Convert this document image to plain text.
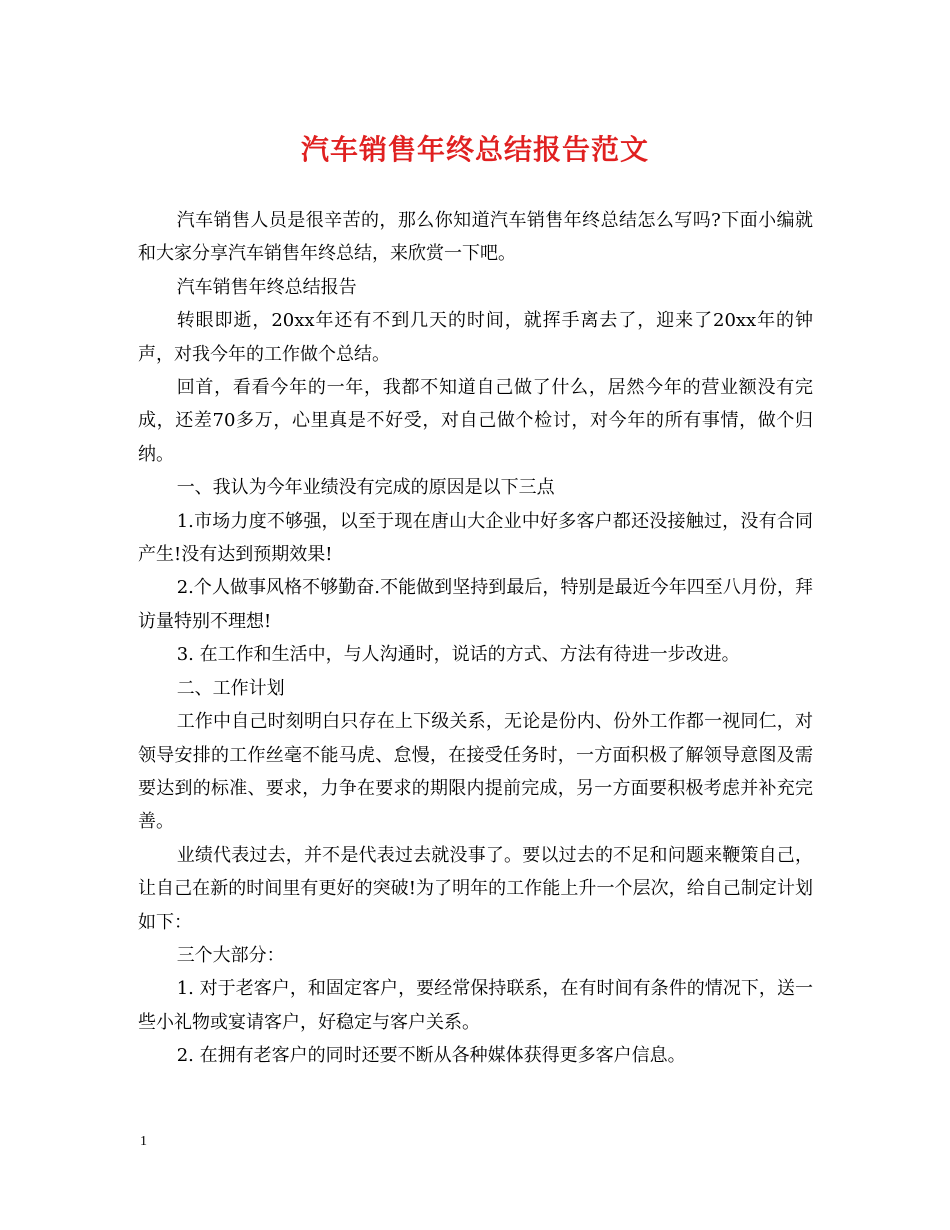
汽车销售年终总结报告范文

汽车销售人员是很辛苦的，那么你知道汽车销售年终总结怎么写吗?下面小编就和大家分享汽车销售年终总结，来欣赏一下吧。

汽车销售年终总结报告

转眼即逝，20xx年还有不到几天的时间，就挥手离去了，迎来了20xx年的钟声，对我今年的工作做个总结。

回首，看看今年的一年，我都不知道自己做了什么，居然今年的营业额没有完成，还差70多万，心里真是不好受，对自己做个检讨，对今年的所有事情，做个归纳。

一、我认为今年业绩没有完成的原因是以下三点

1.市场力度不够强，以至于现在唐山大企业中好多客户都还没接触过，没有合同产生!没有达到预期效果!

2.个人做事风格不够勤奋.不能做到坚持到最后，特别是最近今年四至八月份，拜访量特别不理想!

3. 在工作和生活中，与人沟通时，说话的方式、方法有待进一步改进。

二、工作计划

工作中自己时刻明白只存在上下级关系，无论是份内、份外工作都一视同仁，对领导安排的工作丝毫不能马虎、怠慢，在接受任务时，一方面积极了解领导意图及需要达到的标准、要求，力争在要求的期限内提前完成，另一方面要积极考虑并补充完善。

业绩代表过去，并不是代表过去就没事了。要以过去的不足和问题来鞭策自己，让自己在新的时间里有更好的突破!为了明年的工作能上升一个层次，给自己制定计划如下：

三个大部分：

1. 对于老客户，和固定客户，要经常保持联系，在有时间有条件的情况下，送一些小礼物或宴请客户，好稳定与客户关系。

2. 在拥有老客户的同时还要不断从各种媒体获得更多客户信息。

1
